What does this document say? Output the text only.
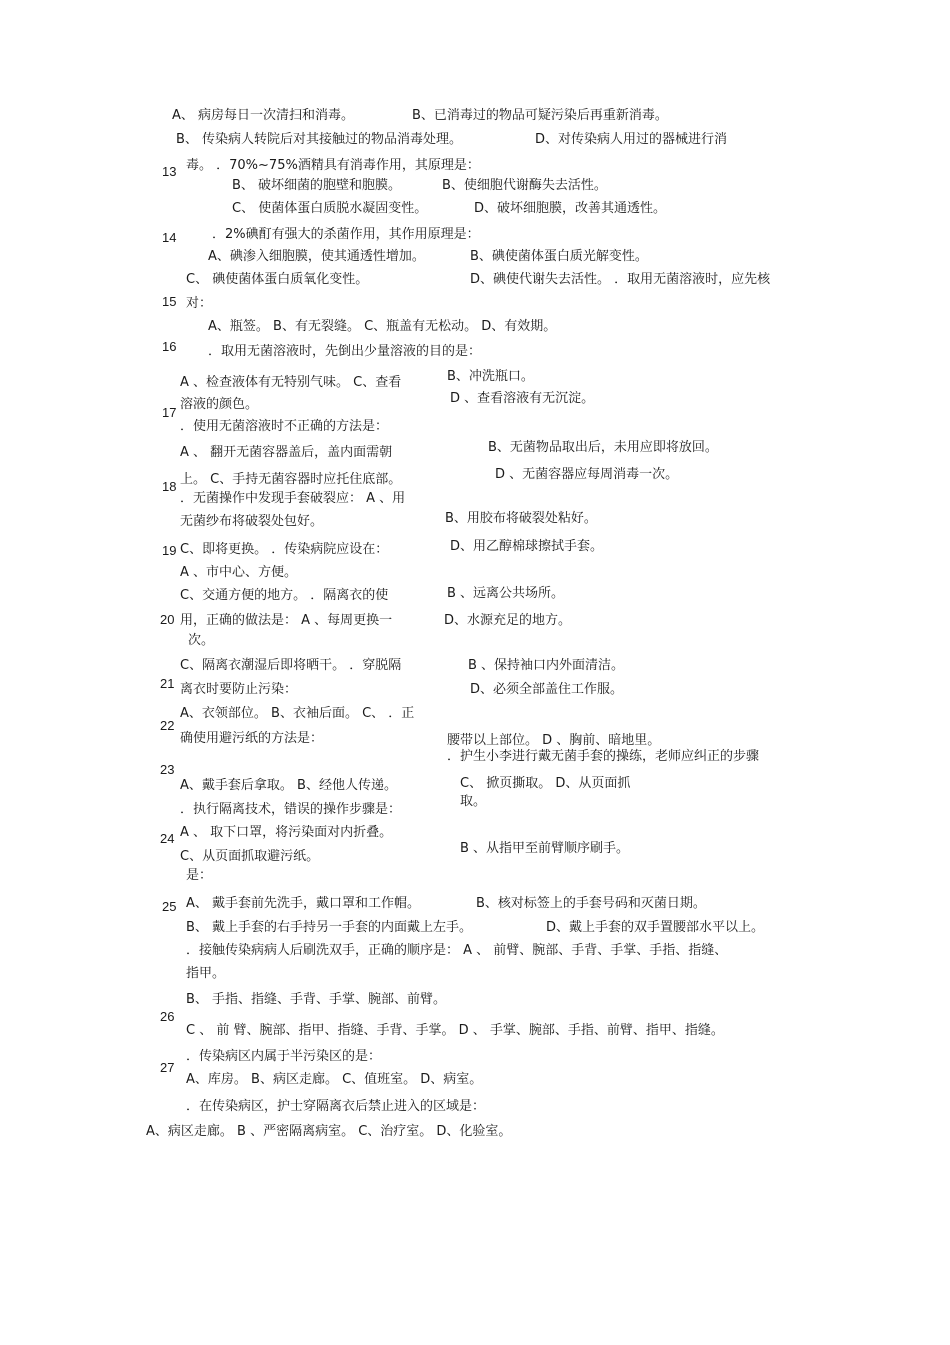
13
14
15
16
17
18
19
20
21
22
23
24
25
26
27
A、 病房每日一次清扫和消毒。	B、已消毒过的物品可疑污染后再重新消毒。
B、 传染病人转院后对其接触过的物品消毒处理。	D、对传染病人用过的器械进行消
毒。 ．70%~75%酒精具有消毒作用，其原理是：
B、 破坏细菌的胞壁和胞膜。	B、使细胞代谢酶失去活性。
C、 使菌体蛋白质脱水凝固变性。	D、破坏细胞膜，改善其通透性。
．2%碘酊有强大的杀菌作用，其作用原理是：
A、碘渗入细胞膜，使其通透性增加。	B、碘使菌体蛋白质光解变性。
C、 碘使菌体蛋白质氧化变性。	D、碘使代谢失去活性。 ．取用无菌溶液时，应先核
对：
A、瓶签。 B、有无裂缝。 C、瓶盖有无松动。 D、有效期。
．取用无菌溶液时，先倒出少量溶液的目的是：
A 、检查液体有无特别气味。 C、查看	B、冲洗瓶口。
溶液的颜色。	D 、查看溶液有无沉淀。
．使用无菌溶液时不正确的方法是：
A 、 翻开无菌容器盖后，盖内面需朝	B、无菌物品取出后，未用应即将放回。
上。 C、手持无菌容器时应托住底部。	D 、无菌容器应每周消毒一次。
．无菌操作中发现手套破裂应： A 、用
无菌纱布将破裂处包好。	B、用胶布将破裂处粘好。
C、即将更换。 ．传染病院应设在：	D、用乙醇棉球擦拭手套。
A 、市中心、方便。
C、交通方便的地方。 ．隔离衣的使	B 、远离公共场所。
用，正确的做法是： A 、每周更换一	D、水源充足的地方。
次。
C、隔离衣潮湿后即将晒干。 ．穿脱隔	B 、保持袖口内外面清洁。
离衣时要防止污染：	D、必须全部盖住工作服。
A、衣领部位。 B、衣袖后面。 C、 ．正
确使用避污纸的方法是：	腰带以上部位。 D 、胸前、暗地里。
．护生小李进行戴无菌手套的操练，老师应纠正的步骤
A、戴手套后拿取。 B、经他人传递。	C、 掀页撕取。 D、从页面抓
取。
．执行隔离技术，错误的操作步骤是：
A 、 取下口罩，将污染面对内折叠。
C、从页面抓取避污纸。
B 、从指甲至前臂顺序刷手。
是：
A、 戴手套前先洗手，戴口罩和工作帽。	B、核对标签上的手套号码和灭菌日期。
B、 戴上手套的右手持另一手套的内面戴上左手。	D、戴上手套的双手置腰部水平以上。
．接触传染病病人后刷洗双手，正确的顺序是： A 、 前臂、腕部、手背、手掌、手指、指缝、
指甲。
B、 手指、指缝、手背、手掌、腕部、前臂。
C 、 前 臂、腕部、指甲、指缝、手背、手掌。 D 、 手掌、腕部、手指、前臂、指甲、指缝。
．传染病区内属于半污染区的是：
A、库房。 B、病区走廊。 C、值班室。 D、病室。
．在传染病区，护士穿隔离衣后禁止进入的区域是：
A、病区走廊。 B 、严密隔离病室。 C、治疗室。 D、化验室。
